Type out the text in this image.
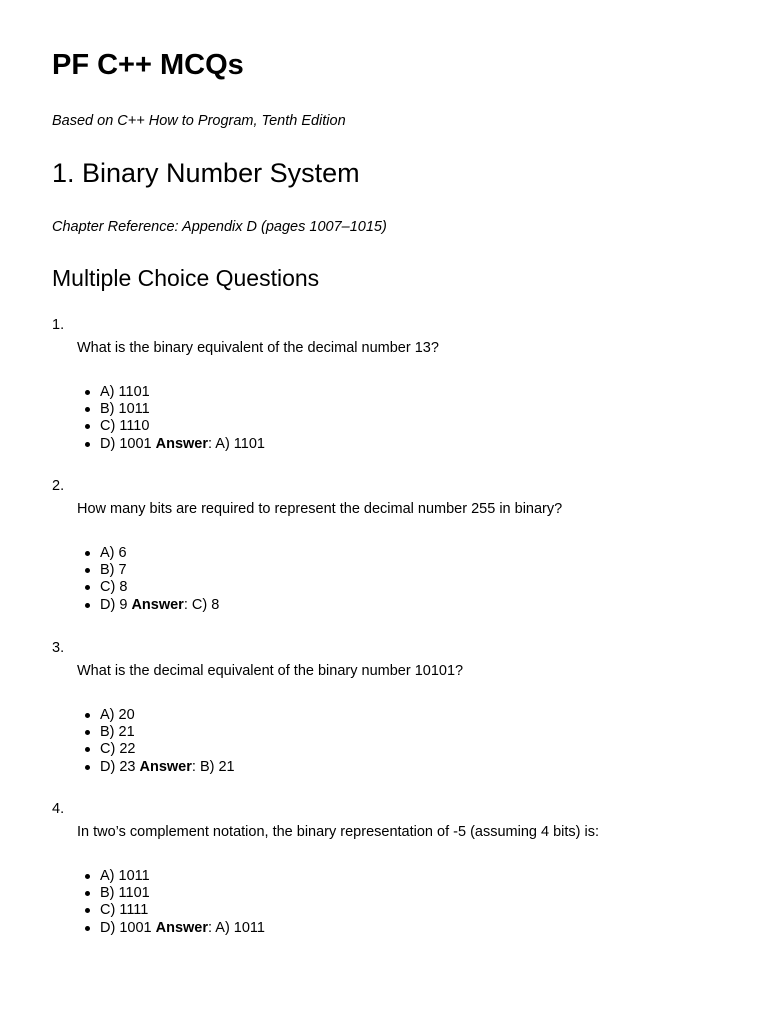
PF C++ MCQs

Based on C++ How to Program, Tenth Edition

1. Binary Number System

Chapter Reference: Appendix D (pages 1007–1015)

Multiple Choice Questions
1.

What is the binary equivalent of the decimal number 13?

A) 1101
B) 1011
C) 1110
D) 1001 Answer: A) 1101
2.

How many bits are required to represent the decimal number 255 in binary?

A) 6
B) 7
C) 8
D) 9 Answer: C) 8
3.

What is the decimal equivalent of the binary number 10101?

A) 20
B) 21
C) 22
D) 23 Answer: B) 21
4.

In two’s complement notation, the binary representation of -5 (assuming 4 bits) is:

A) 1011
B) 1101
C) 1111
D) 1001 Answer: A) 1011
